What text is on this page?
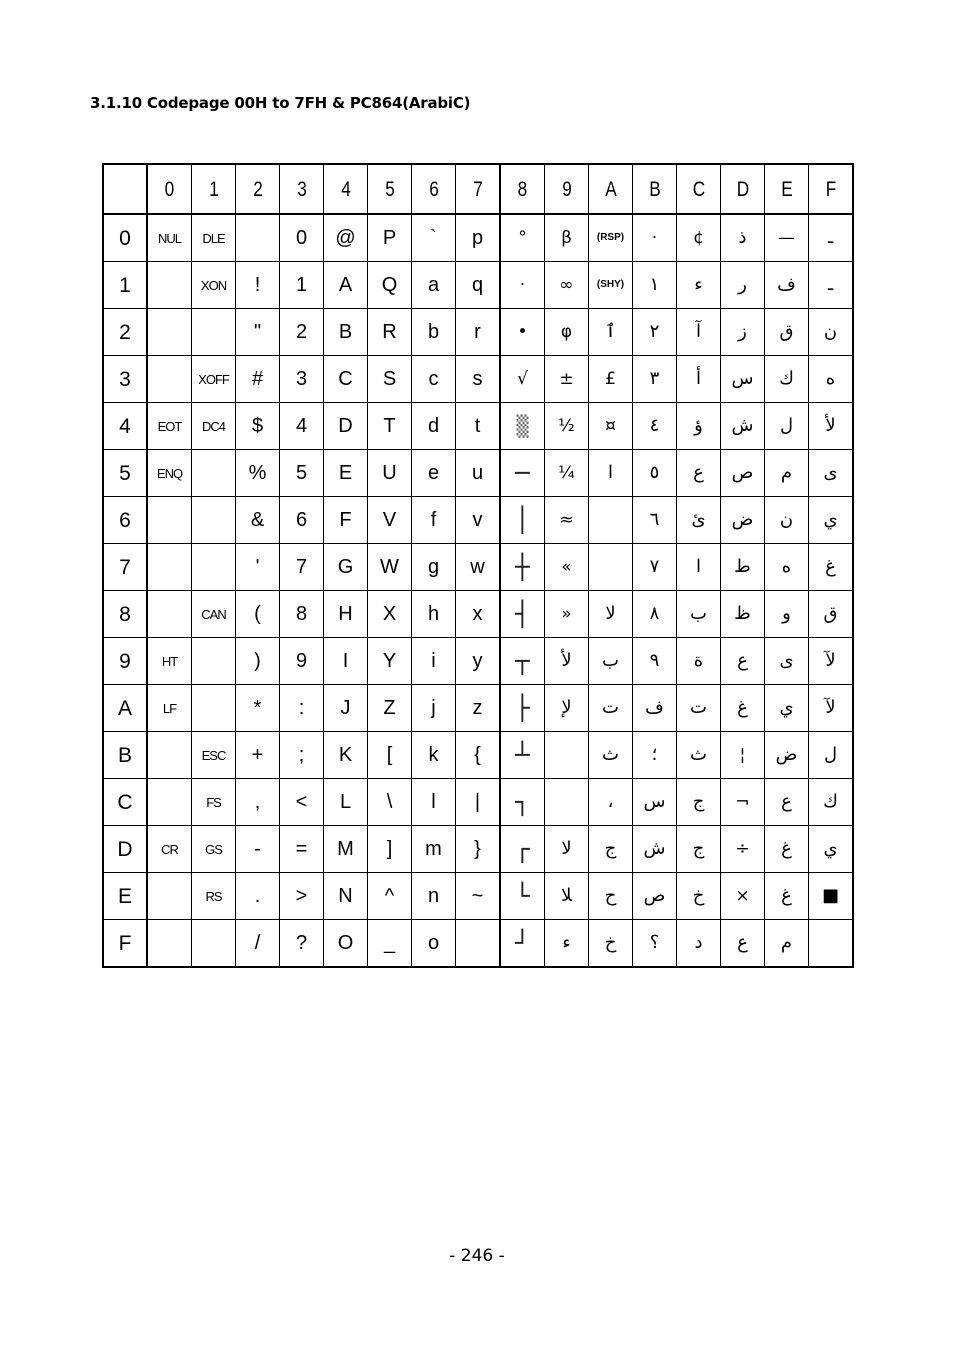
3.1.10 Codepage 00H to 7FH & PC864(ArabiC)
	0	1	2	3	4	5	6	7	8	9	A	B	C	D	E	F
0	NUL	DLE		0	@	P	`	p	°	β	(RSP)	·	¢	ذ	—	ـ
1		XON	!	1	A	Q	a	q	·	∞	(SHY)	١	ء	ر	ف	ـ
2			"	2	B	R	b	r	•	φ	ٱ	٢	آ	ز	ق	ن
3		XOFF	#	3	C	S	c	s	√	±	£	٣	أ	س	ك	ه
4	EOT	DC4	$	4	D	T	d	t	▒	½	¤	٤	ؤ	ش	ل	ﻷ
5	ENQ		%	5	E	U	e	u	─	¼	ﺍ	٥	ع	ص	م	ى
6			&	6	F	V	f	v	│	≈		٦	ئ	ض	ن	ي
7			'	7	G	W	g	w	┼	«		٧	ا	ط	ه	غ
8		CAN	(	8	H	X	h	x	┤	»	ﻻ	٨	ب	ظ	و	ق
9	HT		)	9	I	Y	i	y	┬	ﻷ	ب	٩	ة	ع	ى	ﻵ
A	LF		*	:	J	Z	j	z	├	ﻹ	ت	ف	ت	غ	ي	ﻵ
B		ESC	+	;	K	[	k	{	┴		ث	؛	ث	¦	ض	ل
C		FS	,	<	L	\	l	|	┐		،	س	ج	¬	ع	ك
D	CR	GS	-	=	M	]	m	}	┌	ﻻ	ج	ش	ج	÷	غ	ي
E		RS	.	>	N	^	n	~	└	ﻼ	ح	ص	خ	×	غ	■
F			/	?	O	_	o		┘	ﺀ	خ	؟	د	ع	م	
- 246 -
